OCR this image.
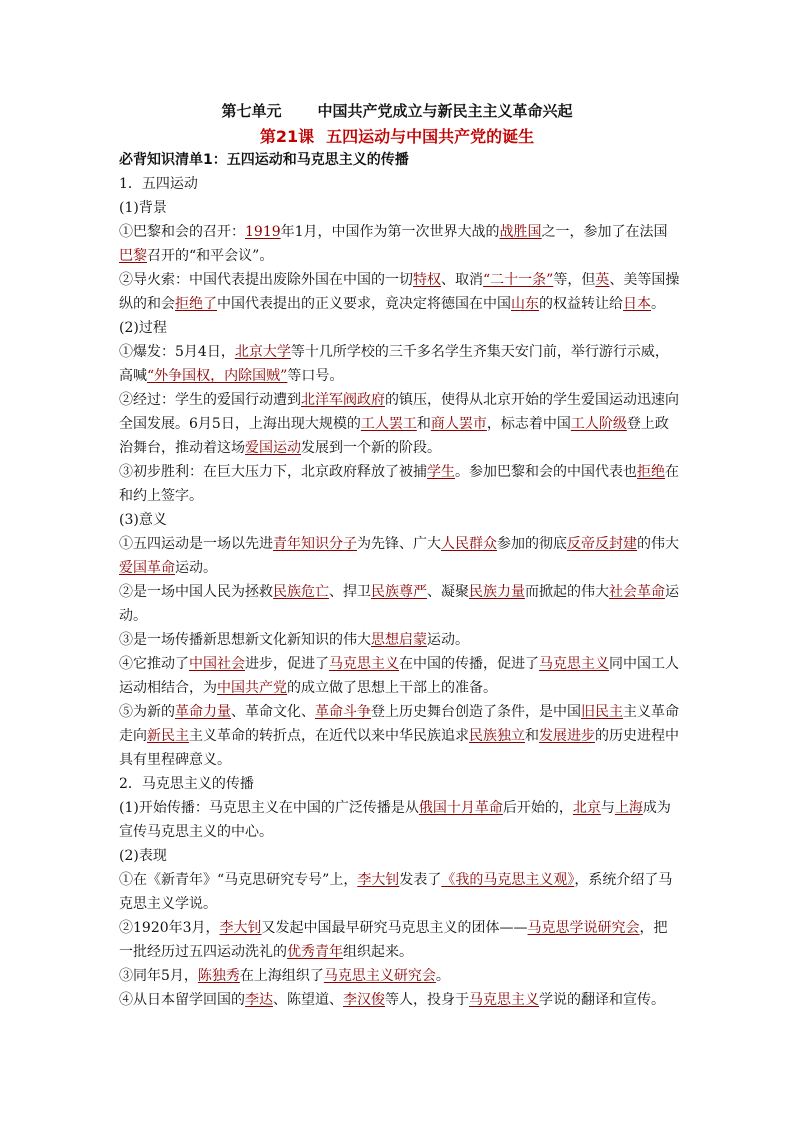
第七单元 中国共产党成立与新民主主义革命兴起
第21课 五四运动与中国共产党的诞生
必背知识清单1：五四运动和马克思主义的传播
1．五四运动
(1)背景
①巴黎和会的召开：1919年1月，中国作为第一次世界大战的战胜国之一，参加了在法国
巴黎召开的“和平会议”。
②导火索：中国代表提出废除外国在中国的一切特权、取消“二十一条”等，但英、美等国操
纵的和会拒绝了中国代表提出的正义要求，竟决定将德国在中国山东的权益转让给日本。
(2)过程
①爆发：5月4日，北京大学等十几所学校的三千多名学生齐集天安门前，举行游行示威，
高喊“外争国权，内除国贼”等口号。
②经过：学生的爱国行动遭到北洋军阀政府的镇压，使得从北京开始的学生爱国运动迅速向
全国发展。6月5日，上海出现大规模的工人罢工和商人罢市，标志着中国工人阶级登上政
治舞台，推动着这场爱国运动发展到一个新的阶段。
③初步胜利：在巨大压力下，北京政府释放了被捕学生。参加巴黎和会的中国代表也拒绝在
和约上签字。
(3)意义
①五四运动是一场以先进青年知识分子为先锋、广大人民群众参加的彻底反帝反封建的伟大
爱国革命运动。
②是一场中国人民为拯救民族危亡、捍卫民族尊严、凝聚民族力量而掀起的伟大社会革命运
动。
③是一场传播新思想新文化新知识的伟大思想启蒙运动。
④它推动了中国社会进步，促进了马克思主义在中国的传播，促进了马克思主义同中国工人
运动相结合，为中国共产党的成立做了思想上干部上的准备。
⑤为新的革命力量、革命文化、革命斗争登上历史舞台创造了条件，是中国旧民主主义革命
走向新民主主义革命的转折点，在近代以来中华民族追求民族独立和发展进步的历史进程中
具有里程碑意义。
2．马克思主义的传播
(1)开始传播：马克思主义在中国的广泛传播是从俄国十月革命后开始的，北京与上海成为
宣传马克思主义的中心。
(2)表现
①在《新青年》“马克思研究专号”上，李大钊发表了《我的马克思主义观》，系统介绍了马
克思主义学说。
②1920年3月，李大钊又发起中国最早研究马克思主义的团体——马克思学说研究会，把
一批经历过五四运动洗礼的优秀青年组织起来。
③同年5月，陈独秀在上海组织了马克思主义研究会。
④从日本留学回国的李达、陈望道、李汉俊等人，投身于马克思主义学说的翻译和宣传。
